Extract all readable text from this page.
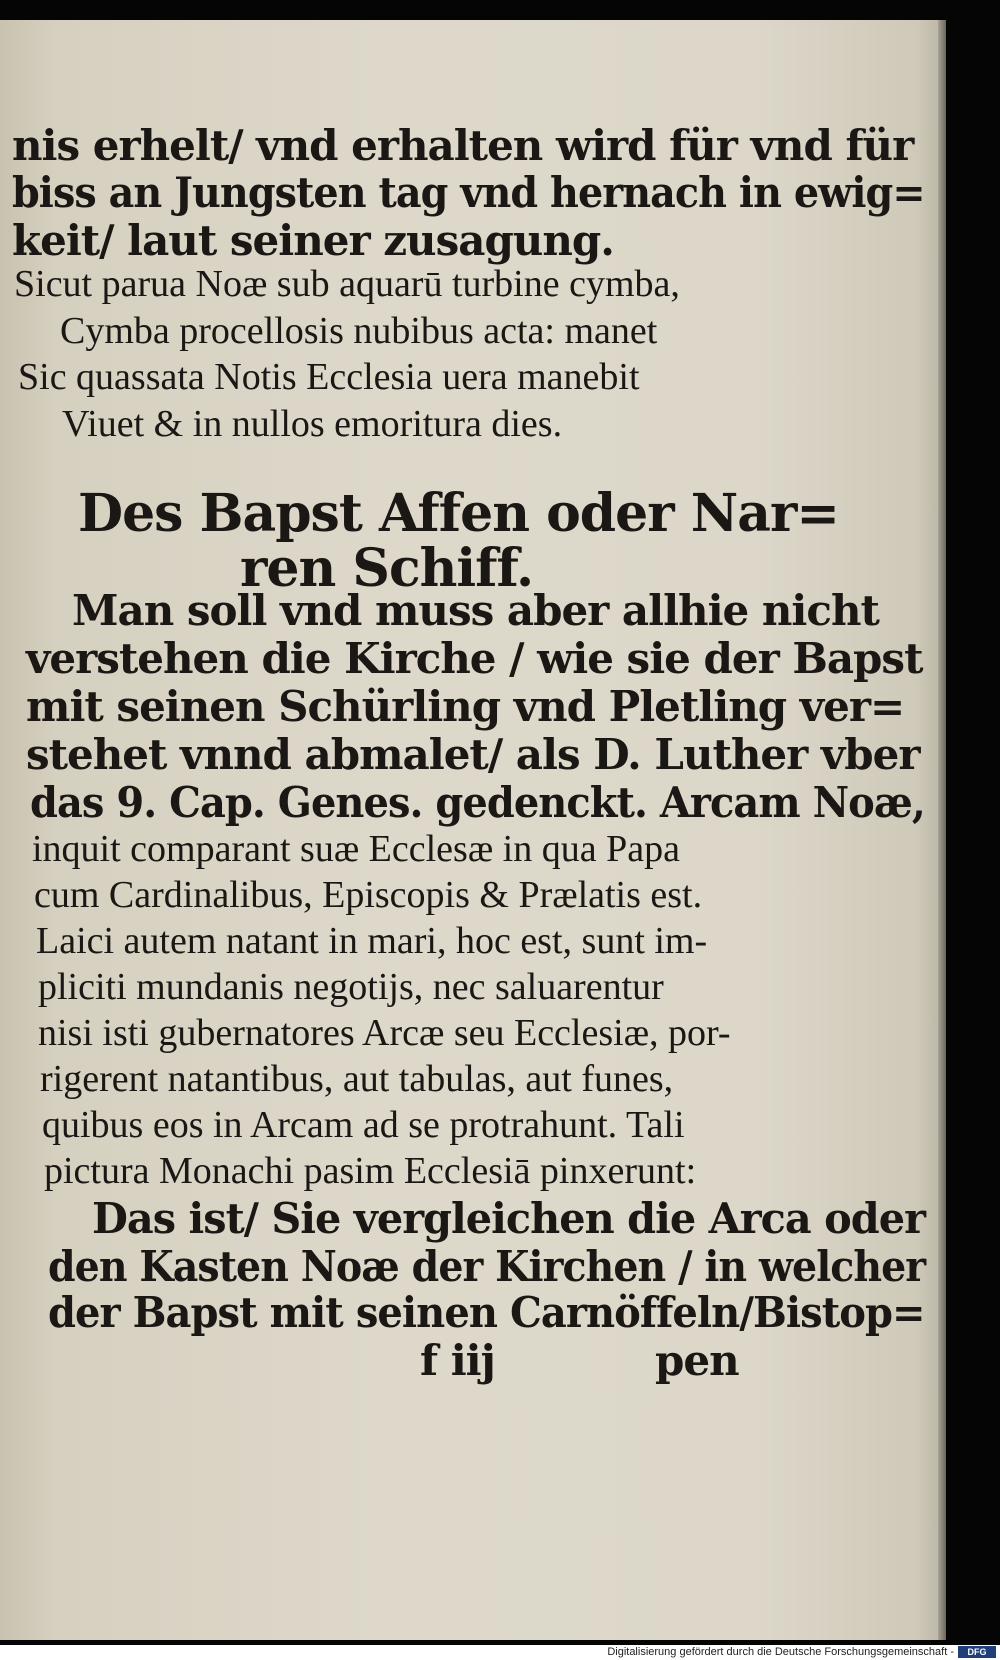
nis erhelt/ vnd erhalten wird für vnd für
biss an Jungsten tag vnd hernach in ewig=
keit/ laut seiner zusagung.
Sicut parua Noæ sub aquarū turbine cymba,
Cymba procellosis nubibus acta: manet
Sic quassata Notis Ecclesia uera manebit
Viuet & in nullos emoritura dies.
Des Bapst Affen oder Nar=
ren Schiff.
Man soll vnd muss aber allhie nicht
verstehen die Kirche / wie sie der Bapst
mit seinen Schürling vnd Pletling ver=
stehet vnnd abmalet/ als D. Luther vber
das 9. Cap. Genes. gedenckt. Arcam Noæ,
inquit comparant suæ Ecclesæ in qua Papa
cum Cardinalibus, Episcopis & Prælatis est.
Laici autem natant in mari, hoc est, sunt im-
pliciti mundanis negotijs, nec saluarentur
nisi isti gubernatores Arcæ seu Ecclesiæ, por-
rigerent natantibus, aut tabulas, aut funes,
quibus eos in Arcam ad se protrahunt. Tali
pictura Monachi pasim Ecclesiā pinxerunt:
Das ist/ Sie vergleichen die Arca oder
den Kasten Noæ der Kirchen / in welcher
der Bapst mit seinen Carnöffeln/Bistop=
f iij	pen
Digitalisierung gefördert durch die Deutsche Forschungsgemeinschaft -	DFG
